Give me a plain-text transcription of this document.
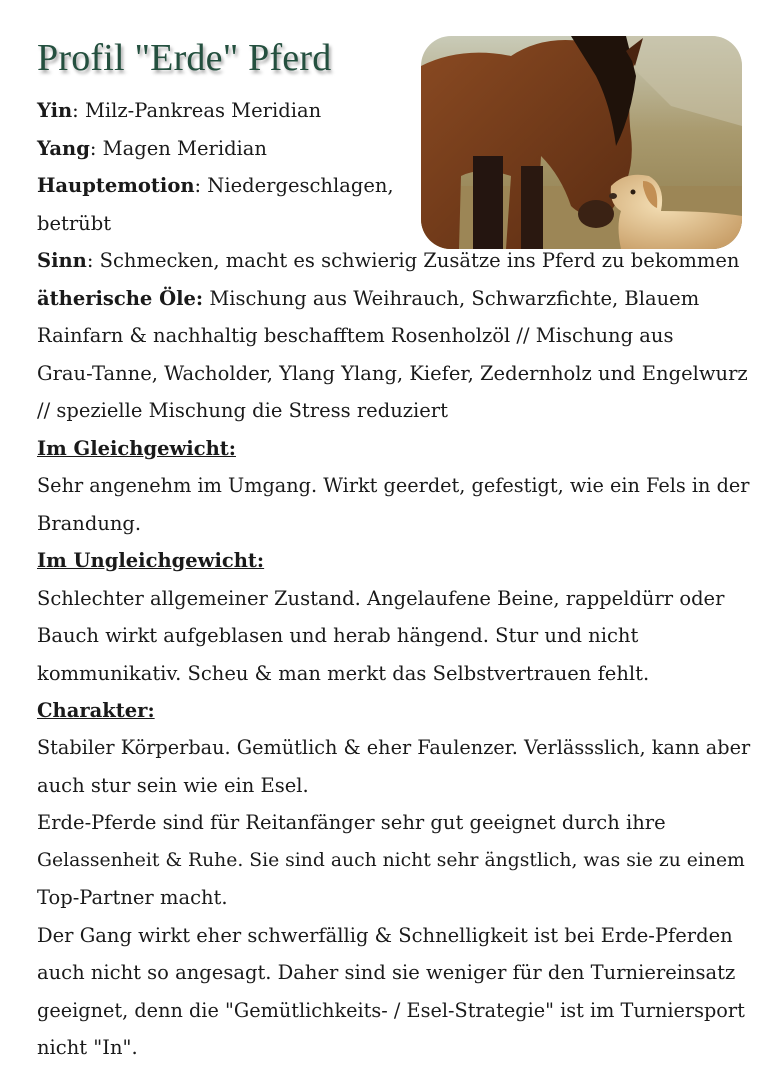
Profil "Erde" Pferd

Yin: Milz-Pankreas Meridian

Yang: Magen Meridian

Hauptemotion: Niedergeschlagen,

betrübt

Sinn: Schmecken, macht es schwierig Zusätze ins Pferd zu bekommen

ätherische Öle: Mischung aus Weihrauch, Schwarzfichte, Blauem

Rainfarn & nachhaltig beschafftem Rosenholzöl // Mischung aus

Grau-Tanne, Wacholder, Ylang Ylang, Kiefer, Zedernholz und Engelwurz

// spezielle Mischung die Stress reduziert

Im Gleichgewicht:

Sehr angenehm im Umgang. Wirkt geerdet, gefestigt, wie ein Fels in der

Brandung.

Im Ungleichgewicht:

Schlechter allgemeiner Zustand. Angelaufene Beine, rappeldürr oder

Bauch wirkt aufgeblasen und herab hängend. Stur und nicht

kommunikativ. Scheu & man merkt das Selbstvertrauen fehlt.

Charakter:

Stabiler Körperbau. Gemütlich & eher Faulenzer. Verlässslich, kann aber

auch stur sein wie ein Esel.

Erde-Pferde sind für Reitanfänger sehr gut geeignet durch ihre

Gelassenheit & Ruhe. Sie sind auch nicht sehr ängstlich, was sie zu einem

Top-Partner macht.

Der Gang wirkt eher schwerfällig & Schnelligkeit ist bei Erde-Pferden

auch nicht so angesagt. Daher sind sie weniger für den Turniereinsatz

geeignet, denn die "Gemütlichkeits- / Esel-Strategie" ist im Turniersport

nicht "In".
